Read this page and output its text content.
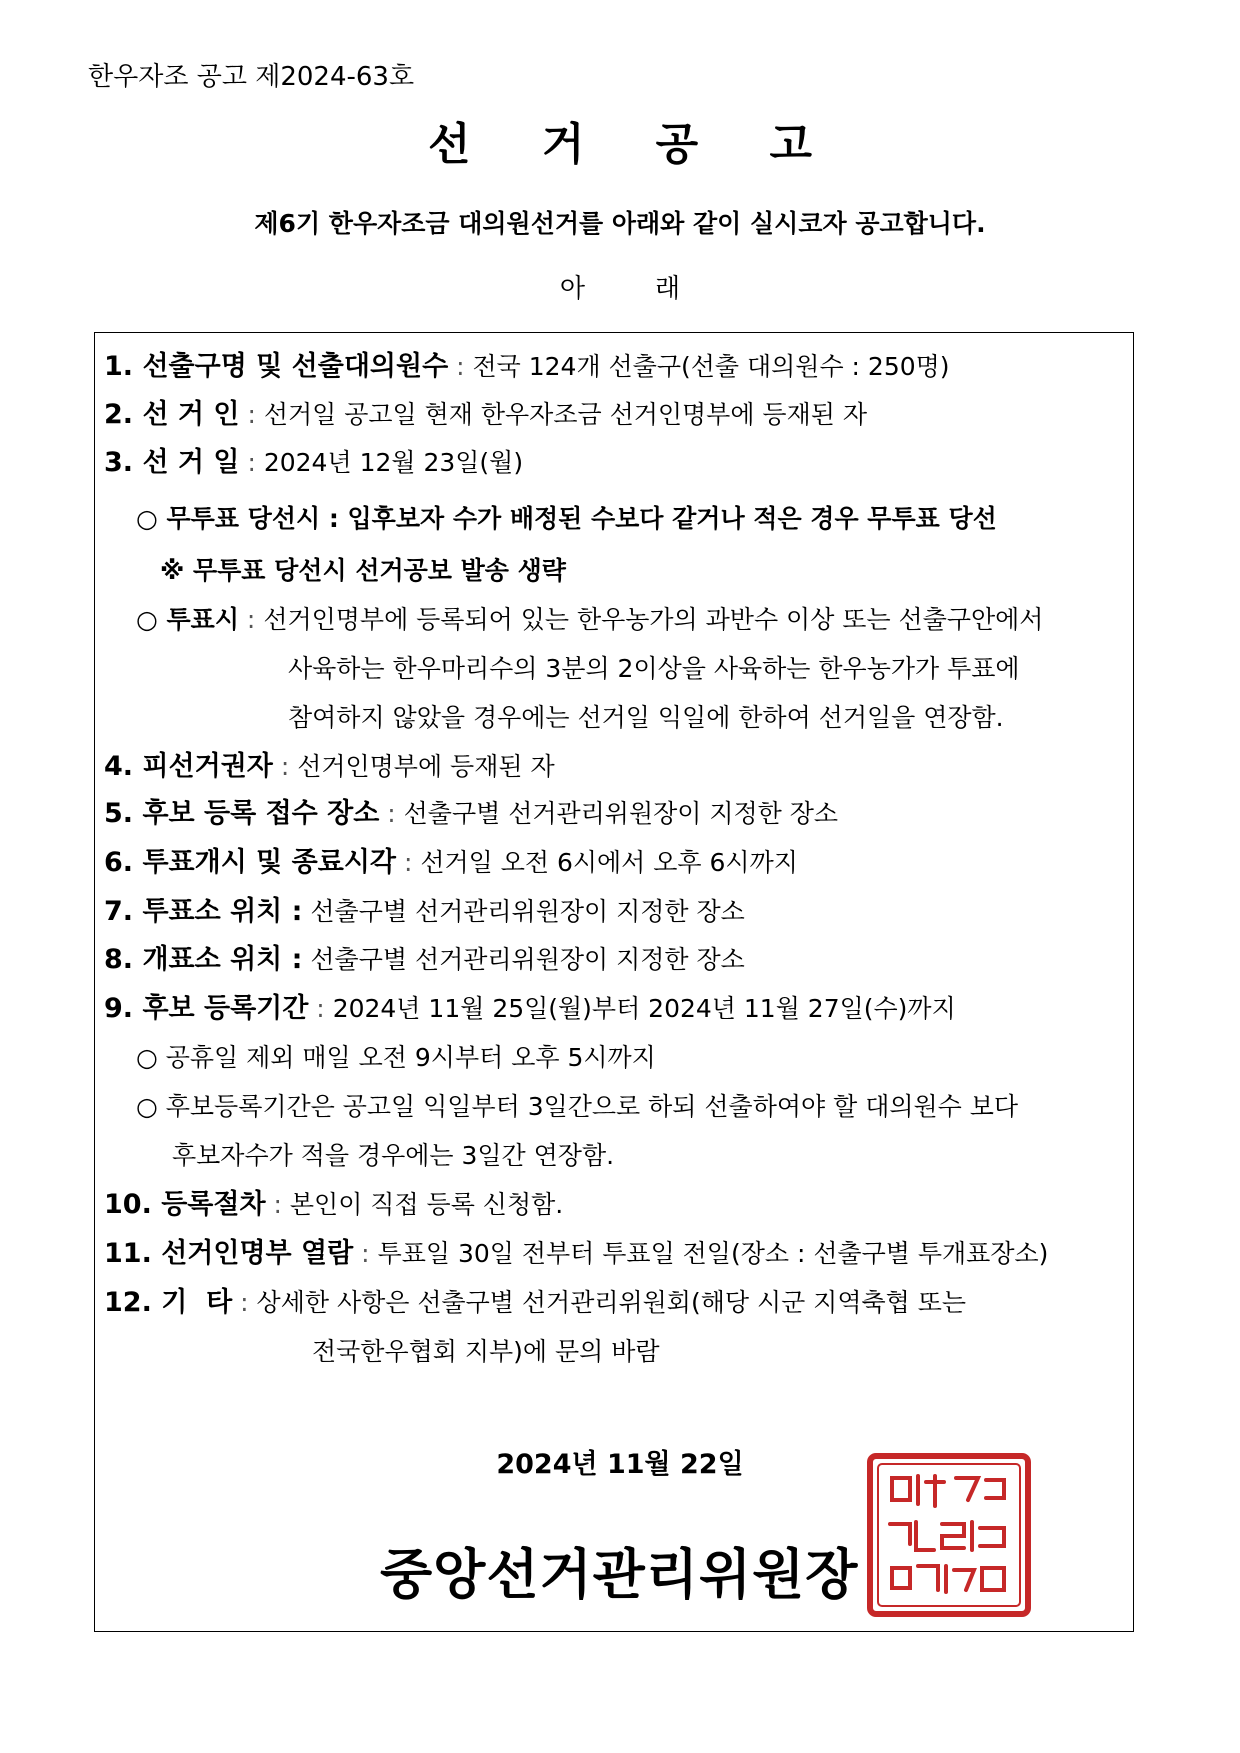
한우자조 공고 제2024-63호
선 거 공 고
제6기 한우자조금 대의원선거를 아래와 같이 실시코자 공고합니다.
아래
1. 선출구명 및 선출대의원수 : 전국 124개 선출구(선출 대의원수 : 250명)
2. 선 거 인 : 선거일 공고일 현재 한우자조금 선거인명부에 등재된 자
3. 선 거 일 : 2024년 12월 23일(월)
○ 무투표 당선시 : 입후보자 수가 배정된 수보다 같거나 적은 경우 무투표 당선
※ 무투표 당선시 선거공보 발송 생략
○ 투표시 : 선거인명부에 등록되어 있는 한우농가의 과반수 이상 또는 선출구안에서
사육하는 한우마리수의 3분의 2이상을 사육하는 한우농가가 투표에
참여하지 않았을 경우에는 선거일 익일에 한하여 선거일을 연장함.
4. 피선거권자 : 선거인명부에 등재된 자
5. 후보 등록 접수 장소 : 선출구별 선거관리위원장이 지정한 장소
6. 투표개시 및 종료시각 : 선거일 오전 6시에서 오후 6시까지
7. 투표소 위치 : 선출구별 선거관리위원장이 지정한 장소
8. 개표소 위치 : 선출구별 선거관리위원장이 지정한 장소
9. 후보 등록기간 : 2024년 11월 25일(월)부터 2024년 11월 27일(수)까지
○ 공휴일 제외 매일 오전 9시부터 오후 5시까지
○ 후보등록기간은 공고일 익일부터 3일간으로 하되 선출하여야 할 대의원수 보다
후보자수가 적을 경우에는 3일간 연장함.
10. 등록절차 : 본인이 직접 등록 신청함.
11. 선거인명부 열람 : 투표일 30일 전부터 투표일 전일(장소 : 선출구별 투개표장소)
12. 기  타 : 상세한 사항은 선출구별 선거관리위원회(해당 시군 지역축협 또는
전국한우협회 지부)에 문의 바람
2024년 11월 22일
중앙선거관리위원장
